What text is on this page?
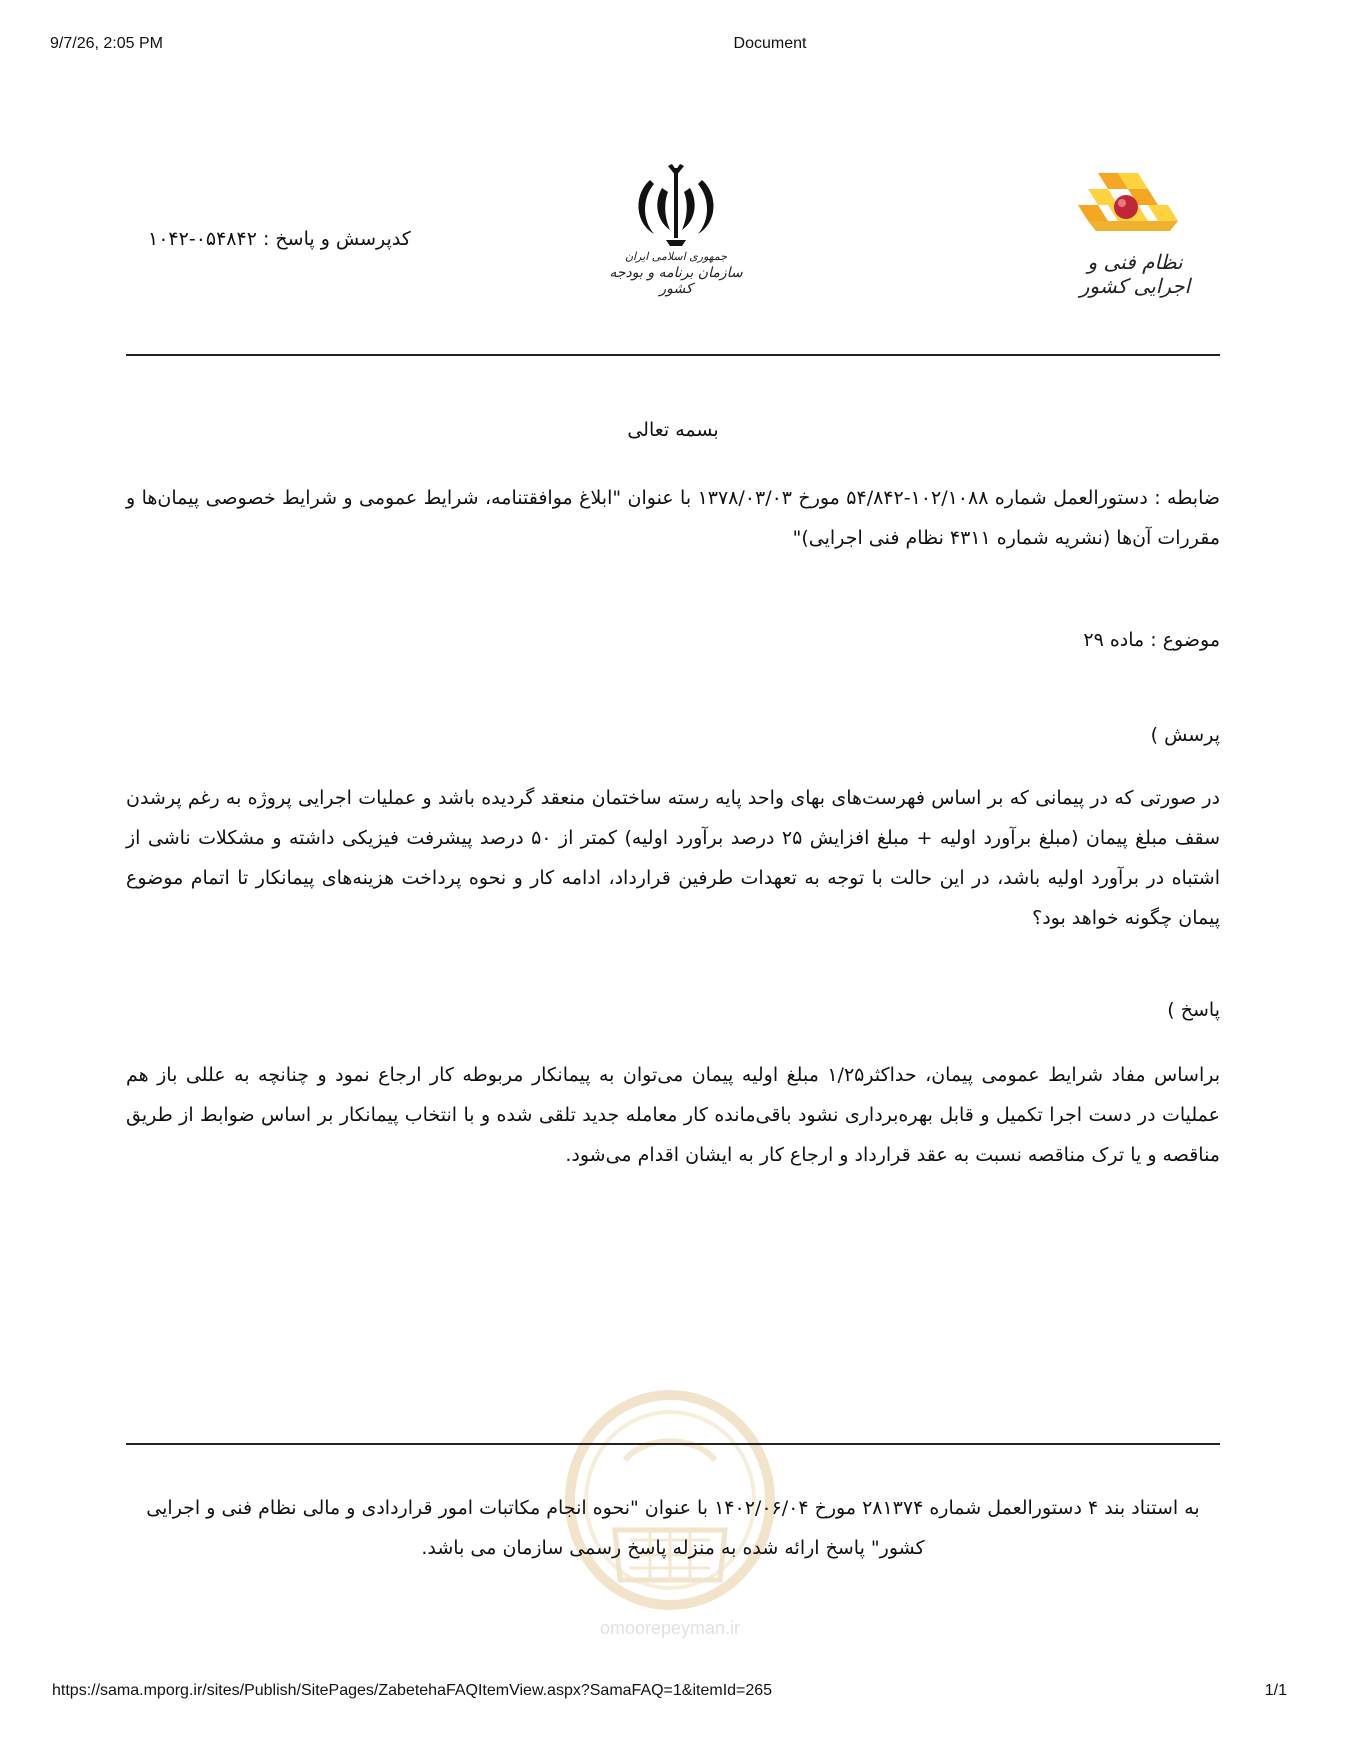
9/7/26, 2:05 PM	Document
کدپرسش و پاسخ : ۰۵۴۸۴۲-۱۰۴۲
جمهوری اسلامی ایران
سازمان برنامه و بودجه کشور
نظام فنی و اجرایی کشور
بسمه تعالی
ضابطه : دستورالعمل شماره ۱۰۲/۱۰۸۸-۵۴/۸۴۲ مورخ ۱۳۷۸/۰۳/۰۳ با عنوان "ابلاغ موافقتنامه، شرایط عمومی و شرایط خصوصی پیمان‌ها و مقررات آن‌ها (نشریه شماره ۴۳۱۱ نظام فنی اجرایی)"
موضوع : ماده ۲۹
پرسش )
در صورتی که در پیمانی که بر اساس فهرست‌های بهای واحد پایه رسته ساختمان منعقد گردیده باشد و عملیات اجرایی پروژه به رغم پرشدن سقف مبلغ پیمان (مبلغ برآورد اولیه + مبلغ افزایش ۲۵ درصد برآورد اولیه) کمتر از ۵۰ درصد پیشرفت فیزیکی داشته و مشکلات ناشی از اشتباه در برآورد اولیه باشد، در این حالت با توجه به تعهدات طرفین قرارداد، ادامه کار و نحوه پرداخت هزینه‌های پیمانکار تا اتمام موضوع پیمان چگونه خواهد بود؟
پاسخ )
براساس مفاد شرایط عمومی پیمان، حداکثر۱/۲۵ مبلغ اولیه پیمان می‌توان به پیمانکار مربوطه کار ارجاع نمود و چنانچه به عللی باز هم عملیات در دست اجرا تکمیل و قابل بهره‌برداری نشود باقی‌مانده کار معامله جدید تلقی شده و با انتخاب پیمانکار بر اساس ضوابط از طریق مناقصه و یا ترک مناقصه نسبت به عقد قرارداد و ارجاع کار به ایشان اقدام می‌شود.
omoorepeyman.ir
به استناد بند ۴ دستورالعمل شماره ۲۸۱۳۷۴ مورخ ۱۴۰۲/۰۶/۰۴ با عنوان "نحوه انجام مکاتبات امور قراردادی و مالی نظام فنی و اجرایی کشور" پاسخ ارائه شده به منزله پاسخ رسمی سازمان می باشد.
https://sama.mporg.ir/sites/Publish/SitePages/ZabetehaFAQItemView.aspx?SamaFAQ=1&itemId=265	1/1
